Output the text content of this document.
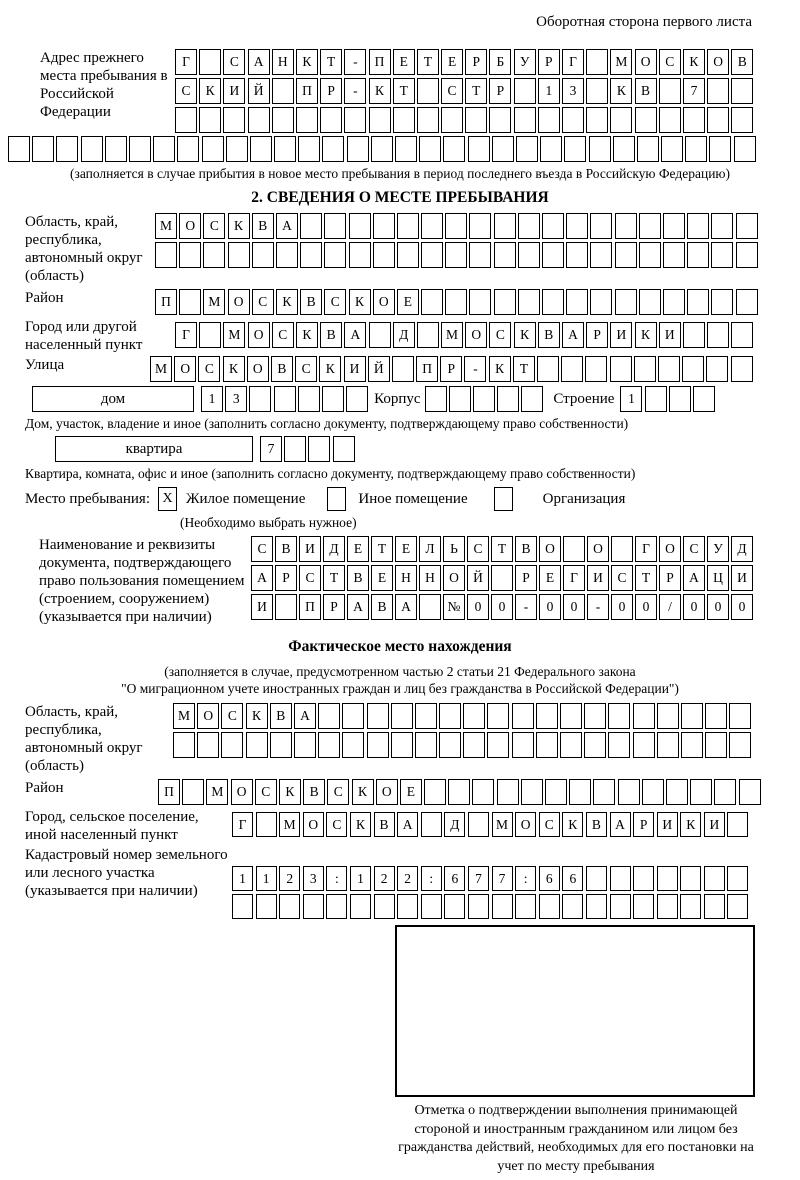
Оборотная сторона первого листа
Адрес прежнего места пребывания в Российской Федерации
Г	С	А	Н	К	Т	-	П	Е	Т	Е	Р	Б	У	Р	Г	М О	С	К	О	В
С	К	И	Й	П	Р	-	К	Т	С	Т	Р	1	3	К	В	7
(заполняется в случае прибытия в новое место пребывания в период последнего въезда в Российскую Федерацию)
2. СВЕДЕНИЯ О МЕСТЕ ПРЕБЫВАНИЯ
Область, край, республика, автономный округ (область)
М О	С	К	В	А
Район	П	М О	С	К	В	С	К	О	Е
Город или другой населенный пункт
Г	М О	С	К	В	А	Д	М О	С	К	В	А	Р	И	К	И
Улица	М О	С	К	О	В	С	К	И	Й	П	Р	-	К	Т
дом	1	3	Корпус	Строение	1
Дом, участок, владение и иное (заполнить согласно документу, подтверждающему право собственности)
квартира	7
Квартира, комната, офис и иное (заполнить согласно документу, подтверждающему право собственности)
Место пребывания: X Жилое помещение	Иное помещение	Организация
(Необходимо выбрать нужное)
Наименование и реквизиты документа, подтверждающего право пользования помещением (строением, сооружением) (указывается при наличии)
С	В	И	Д	Е	Т	Е	Л	Ь	С	Т	В	О	О	Г	О	С	У	Д
А	Р	С	Т	В	Е	Н	Н	О	Й	Р	Е	Г	И	С	Т	Р	А	Ц	И
И	П	Р	А	В	А	№	0	0	-	0	0	-	0	0	/	0	0	0
Фактическое место нахождения
(заполняется в случае, предусмотренном частью 2 статьи 21 Федерального закона
"О миграционном учете иностранных граждан и лиц без гражданства в Российской Федерации")
Область, край, республика, автономный округ (область)
М О	С	К	В	А
Район	П	М О	С	К	В	С	К	О	Е
Город, сельское поселение, иной населенный пункт
Г	М О	С	К	В	А	Д	М О	С	К	В	А	Р	И	К	И
Кадастровый номер земельного или лесного участка (указывается при наличии)
1	1	2	3	:	1	2	2	:	6	7	7	:	6	6
Отметка о подтверждении выполнения принимающей стороной и иностранным гражданином или лицом без гражданства действий, необходимых для его постановки на учет по месту пребывания
